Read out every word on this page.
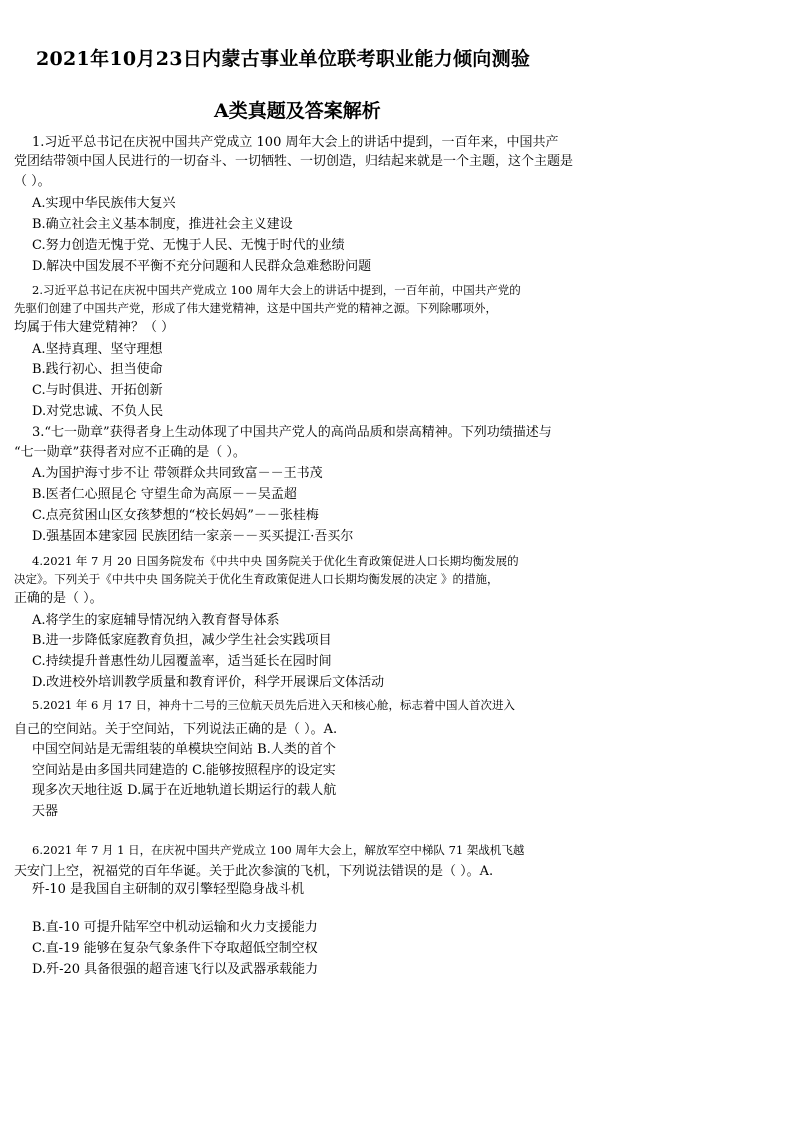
2021年10月23日内蒙古事业单位联考职业能力倾向测验
A类真题及答案解析
1.习近平总书记在庆祝中国共产党成立 100 周年大会上的讲话中提到，一百年来，中国共产
党团结带领中国人民进行的一切奋斗、一切牺牲、一切创造，归结起来就是一个主题，这个主题是
（ ）。
A.实现中华民族伟大复兴
B.确立社会主义基本制度，推进社会主义建设
C.努力创造无愧于党、无愧于人民、无愧于时代的业绩
D.解决中国发展不平衡不充分问题和人民群众急难愁盼问题
2.习近平总书记在庆祝中国共产党成立 100 周年大会上的讲话中提到，一百年前，中国共产党的
先驱们创建了中国共产党，形成了伟大建党精神，这是中国共产党的精神之源。下列除哪项外，
均属于伟大建党精神？（ ）
A.坚持真理、坚守理想
B.践行初心、担当使命
C.与时俱进、开拓创新
D.对党忠诚、不负人民
3.“七一勋章”获得者身上生动体现了中国共产党人的高尚品质和崇高精神。下列功绩描述与
“七一勋章”获得者对应不正确的是（ ）。
A.为国护海寸步不让 带领群众共同致富－－王书茂
B.医者仁心照昆仑 守望生命为高原－－吴孟超
C.点亮贫困山区女孩梦想的“校长妈妈”－－张桂梅
D.强基固本建家园 民族团结一家亲－－买买提江·吾买尔
4.2021 年 7 月 20 日国务院发布《中共中央 国务院关于优化生育政策促进人口长期均衡发展的
决定》。下列关于《中共中央 国务院关于优化生育政策促进人口长期均衡发展的决定 》的措施，
正确的是（ ）。
A.将学生的家庭辅导情况纳入教育督导体系
B.进一步降低家庭教育负担，减少学生社会实践项目
C.持续提升普惠性幼儿园覆盖率，适当延长在园时间
D.改进校外培训教学质量和教育评价，科学开展课后文体活动
5.2021 年 6 月 17 日，神舟十二号的三位航天员先后进入天和核心舱，标志着中国人首次进入
自己的空间站。关于空间站，下列说法正确的是（ ）。A.
中国空间站是无需组装的单模块空间站 B.人类的首个
空间站是由多国共同建造的 C.能够按照程序的设定实
现多次天地往返 D.属于在近地轨道长期运行的载人航
天器
6.2021 年 7 月 1 日，在庆祝中国共产党成立 100 周年大会上，解放军空中梯队 71 架战机飞越
天安门上空，祝福党的百年华诞。关于此次参演的飞机，下列说法错误的是（ ）。A.
歼-10 是我国自主研制的双引擎轻型隐身战斗机
B.直-10 可提升陆军空中机动运输和火力支援能力
C.直-19 能够在复杂气象条件下夺取超低空制空权
D.歼-20 具备很强的超音速飞行以及武器承载能力
